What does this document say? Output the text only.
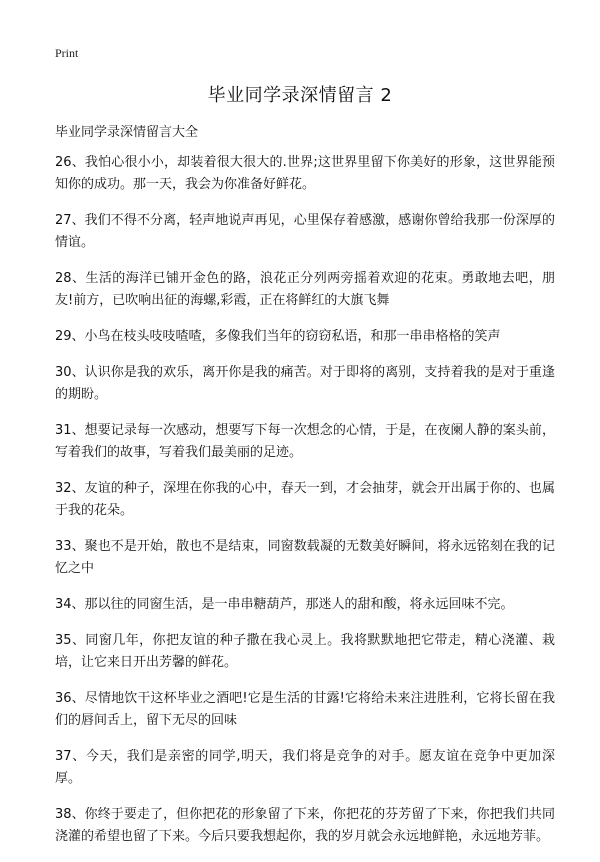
Print
毕业同学录深情留言 2
毕业同学录深情留言大全
26、我怕心很小小，却装着很大很大的.世界;这世界里留下你美好的形象，这世界能预知你的成功。那一天，我会为你准备好鲜花。
27、我们不得不分离，轻声地说声再见，心里保存着感激，感谢你曾给我那一份深厚的情谊。
28、生活的海洋已铺开金色的路，浪花正分列两旁摇着欢迎的花束。勇敢地去吧，朋友!前方，已吹响出征的海螺,彩霞，正在将鲜红的大旗飞舞
29、小鸟在枝头吱吱喳喳，多像我们当年的窃窃私语，和那一串串格格的笑声
30、认识你是我的欢乐，离开你是我的痛苦。对于即将的离别，支持着我的是对于重逢的期盼。
31、想要记录每一次感动，想要写下每一次想念的心情，于是，在夜阑人静的案头前，写着我们的故事，写着我们最美丽的足迹。
32、友谊的种子，深埋在你我的心中，春天一到，才会抽芽，就会开出属于你的、也属于我的花朵。
33、聚也不是开始，散也不是结束，同窗数载凝的无数美好瞬间，将永远铭刻在我的记忆之中
34、那以往的同窗生活，是一串串糖葫芦，那迷人的甜和酸，将永远回味不完。
35、同窗几年，你把友谊的种子撒在我心灵上。我将默默地把它带走，精心浇灌、栽培，让它来日开出芳馨的鲜花。
36、尽情地饮干这杯毕业之酒吧!它是生活的甘露!它将给未来注进胜利，它将长留在我们的唇间舌上，留下无尽的回味
37、今天，我们是亲密的同学,明天，我们将是竞争的对手。愿友谊在竞争中更加深厚。
38、你终于要走了，但你把花的形象留了下来，你把花的芬芳留了下来，你把我们共同浇灌的希望也留了下来。今后只要我想起你，我的岁月就会永远地鲜艳，永远地芳菲。
